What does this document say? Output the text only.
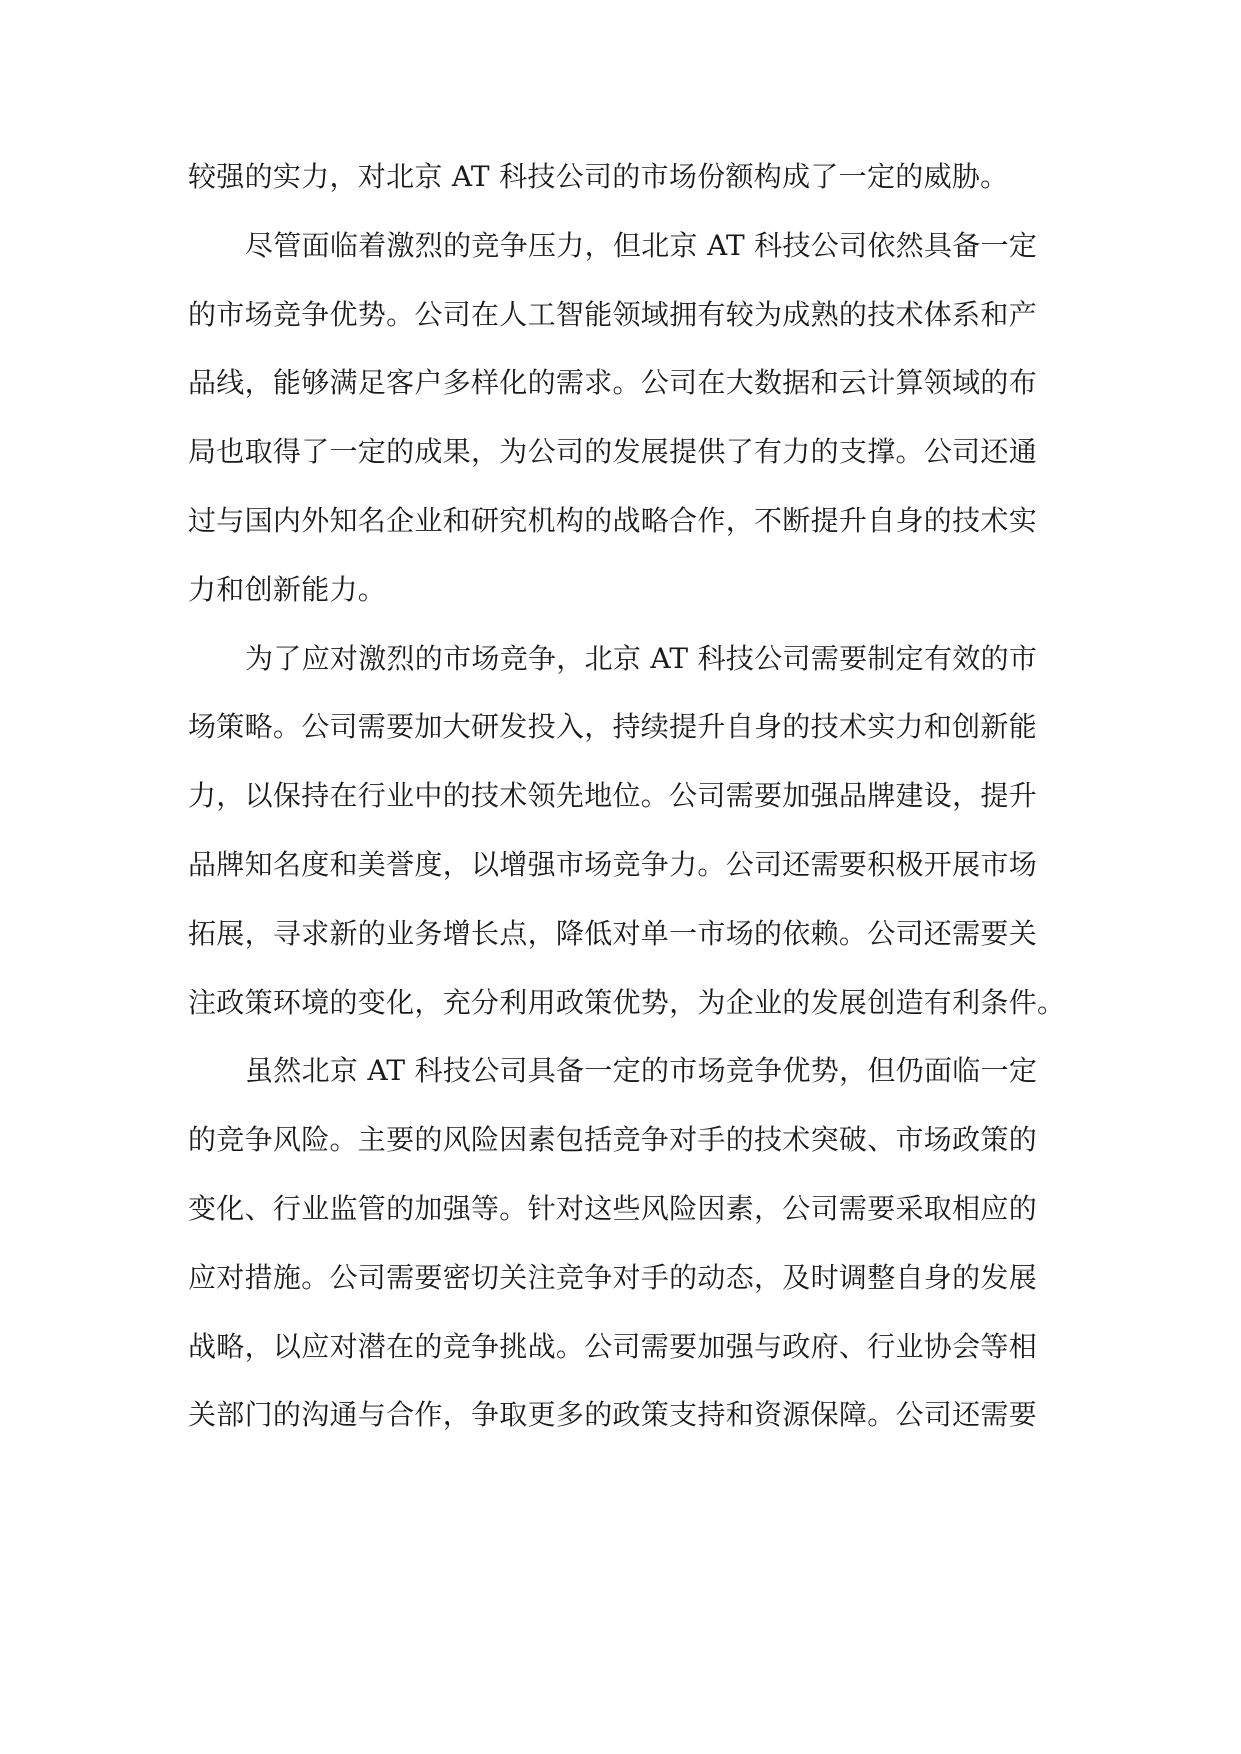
较强的实力，对北京 AT 科技公司的市场份额构成了一定的威胁。
尽管面临着激烈的竞争压力，但北京 AT 科技公司依然具备一定
的市场竞争优势。公司在人工智能领域拥有较为成熟的技术体系和产
品线，能够满足客户多样化的需求。公司在大数据和云计算领域的布
局也取得了一定的成果，为公司的发展提供了有力的支撑。公司还通
过与国内外知名企业和研究机构的战略合作，不断提升自身的技术实
力和创新能力。
为了应对激烈的市场竞争，北京 AT 科技公司需要制定有效的市
场策略。公司需要加大研发投入，持续提升自身的技术实力和创新能
力，以保持在行业中的技术领先地位。公司需要加强品牌建设，提升
品牌知名度和美誉度，以增强市场竞争力。公司还需要积极开展市场
拓展，寻求新的业务增长点，降低对单一市场的依赖。公司还需要关
注政策环境的变化，充分利用政策优势，为企业的发展创造有利条件。
虽然北京 AT 科技公司具备一定的市场竞争优势，但仍面临一定
的竞争风险。主要的风险因素包括竞争对手的技术突破、市场政策的
变化、行业监管的加强等。针对这些风险因素，公司需要采取相应的
应对措施。公司需要密切关注竞争对手的动态，及时调整自身的发展
战略，以应对潜在的竞争挑战。公司需要加强与政府、行业协会等相
关部门的沟通与合作，争取更多的政策支持和资源保障。公司还需要
